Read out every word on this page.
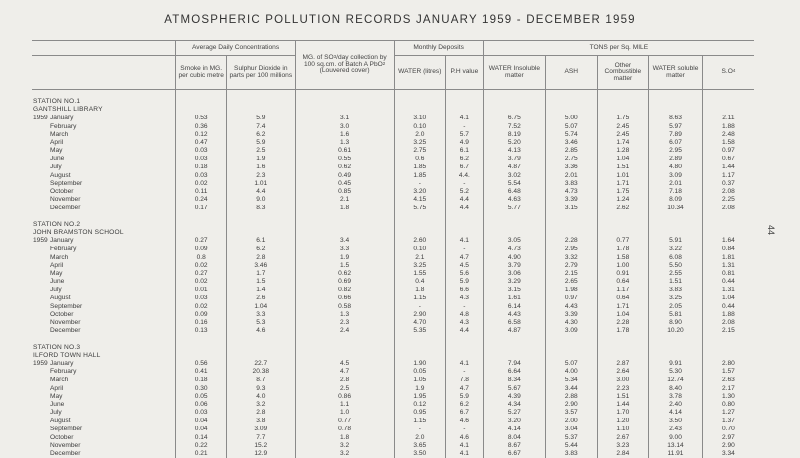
ATMOSPHERIC POLLUTION RECORDS JANUARY 1959 - DECEMBER 1959
44
	Average Daily Concentrations		MG. of $SO^3$/day collection by 100 sq.cm. of Batch A PbO$^2$ (Louvered cover)	Monthly Deposits		TONS per Sq. MILE				
	Smoke in MG. per cubic metre	Sulphur Dioxide in parts per 100 millions		WATER (litres)	P.H value	WATER Insoluble matter	ASH	Other Combustible matter	WATER soluble matter	$S.O^4$

STATION NO.1										
GANTSHILL LIBRARY										
1959 January	0.53	5.9	3.1	3.10	4.1	6.75	5.00	1.75	8.63	2.11
February	0.36	7.4	3.0	0.10	-	7.52	5.07	2.45	5.97	1.88
March	0.12	6.2	1.6	2.0	5.7	8.19	5.74	2.45	7.89	2.48
April	0.47	5.9	1.3	3.25	4.9	5.20	3.46	1.74	6.07	1.58
May	0.03	2.5	0.61	2.75	6.1	4.13	2.85	1.28	2.95	0.97
June	0.03	1.9	0.55	0.6	6.2	3.79	2.75	1.04	2.89	0.67
July	0.18	1.6	0.62	1.85	6.7	4.87	3.36	1.51	4.80	1.44
August	0.03	2.3	0.49	1.85	4.4.	3.02	2.01	1.01	3.09	1.17
September	0.02	1.01	0.45	-	-	5.54	3.83	1.71	2.01	0.37
October	0.11	4.4	0.85	3.20	5.2	6.48	4.73	1.75	7.18	2.08
November	0.24	9.0	2.1	4.15	4.4	4.63	3.39	1.24	8.09	2.25
December	0.17	8.3	1.8	5.75	4.4	5.77	3.15	2.62	10.34	2.08

STATION NO.2										
JOHN BRAMSTON SCHOOL										
1959 January	0.27	6.1	3.4	2.60	4.1	3.05	2.28	0.77	5.91	1.64
February	0.09	6.2	3.3	0.10	-	4.73	2.95	1.78	3.22	0.84
March	0.8	2.8	1.9	2.1	4.7	4.90	3.32	1.58	6.08	1.81
April	0.02	3.46	1.5	3.25	4.5	3.79	2.79	1.00	5.50	1.31
May	0.27	1.7	0.62	1.55	5.6	3.06	2.15	0.91	2.55	0.81
June	0.02	1.5	0.69	0.4	5.9	3.29	2.65	0.64	1.51	0.44
July	0.01	1.4	0.82	1.8	6.6	3.15	1.98	1.17	3.83	1.31
August	0.03	2.6	0.66	1.15	4.3	1.61	0.97	0.64	3.25	1.04
September	0.02	1.04	0.58	-	-	6.14	4.43	1.71	2.05	0.44
October	0.09	3.3	1.3	2.90	4.8	4.43	3.39	1.04	5.81	1.88
November	0.16	5.3	2.3	4.70	4.3	6.58	4.30	2.28	8.90	2.08
December	0.13	4.6	2.4	5.35	4.4	4.87	3.09	1.78	10.20	2.15

STATION NO.3										
ILFORD TOWN HALL										
1959 January	0.56	22.7	4.5	1.90	4.1	7.94	5.07	2.87	9.91	2.80
February	0.41	20.38	4.7	0.05	-	6.64	4.00	2.64	5.30	1.57
March	0.18	8.7	2.8	1.05	7.8	8.34	5.34	3.00	12.74	2.63
April	0.30	9.3	2.5	1.9	4.7	5.67	3.44	2.23	8.40	2.17
May	0.05	4.0	0.86	1.95	5.9	4.39	2.88	1.51	3.78	1.30
June	0.06	3.2	1.1	0.12	6.2	4.34	2.90	1.44	2.40	0.80
July	0.03	2.8	1.0	0.95	6.7	5.27	3.57	1.70	4.14	1.27
August	0.04	3.8	0.77	1.15	4.6	3.20	2.00	1.20	3.50	1.37
September	0.04	3.09	0.78	-	-	4.14	3.04	1.10	2.43	0.70
October	0.14	7.7	1.8	2.0	4.6	8.04	5.37	2.67	9.00	2.97
November	0.22	15.2	3.2	3.65	4.1	8.67	5.44	3.23	13.14	2.90
December	0.21	12.9	3.2	3.50	4.1	6.67	3.83	2.84	11.91	3.34
